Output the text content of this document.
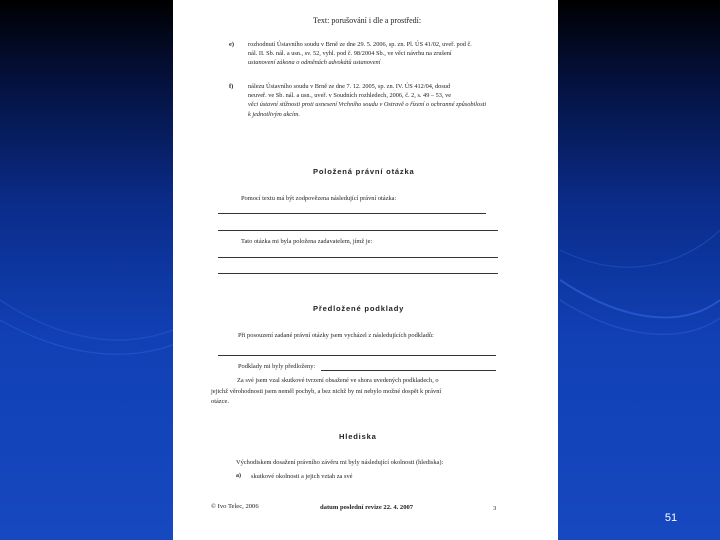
Text: porušování i dle a prostředí:
e) rozhodnutí Ústavního soudu v Brně ze dne 29. 5. 2006, sp. zn. Pl. ÚS 41/02, uveř. pod č.
nál. II. Sb. nál. a usn., sv. 52, vyhl. pod č. 98/2004 Sb., ve věci návrhu na zrušení
ustanovení zákona o odměnách advokátů ustanovení
f) nálezu Ústavního soudu v Brně ze dne 7. 12. 2005, sp. zn. IV. ÚS 412/04, dosud
neuveř. ve Sb. nál. a usn., uveř. v Soudních rozhledech, 2006, č. 2, s. 49 – 53, ve
věci ústavní stížnosti proti usnesení Vrchního soudu v Ostravě o řízení o ochranné způsobilosti
k jednotlivým akcím.
Položená právní otázka
Pomocí textu má být zodpovězena následující právní otázka:
Tato otázka mi byla položena zadavatelem, jímž je:
Předložené podklady
Při posouzení zadané právní otázky jsem vycházel z následujících podkladů:
Podklady mi byly předloženy:
Za své jsem vzal skutkové tvrzení obsažené ve shora uvedených podkladech, o
jejichž věrohodnosti jsem neměl pochyb, a bez nichž by mi nebylo možné dospět k právní
otázce.
Hlediska
Východiskem dosažení právního závěru mi byly následující okolnosti (hlediska):
a) skutkové okolnosti a jejich vztah za své
© Ivo Telec, 2006	datum poslední revize 22. 4. 2007	3
51
